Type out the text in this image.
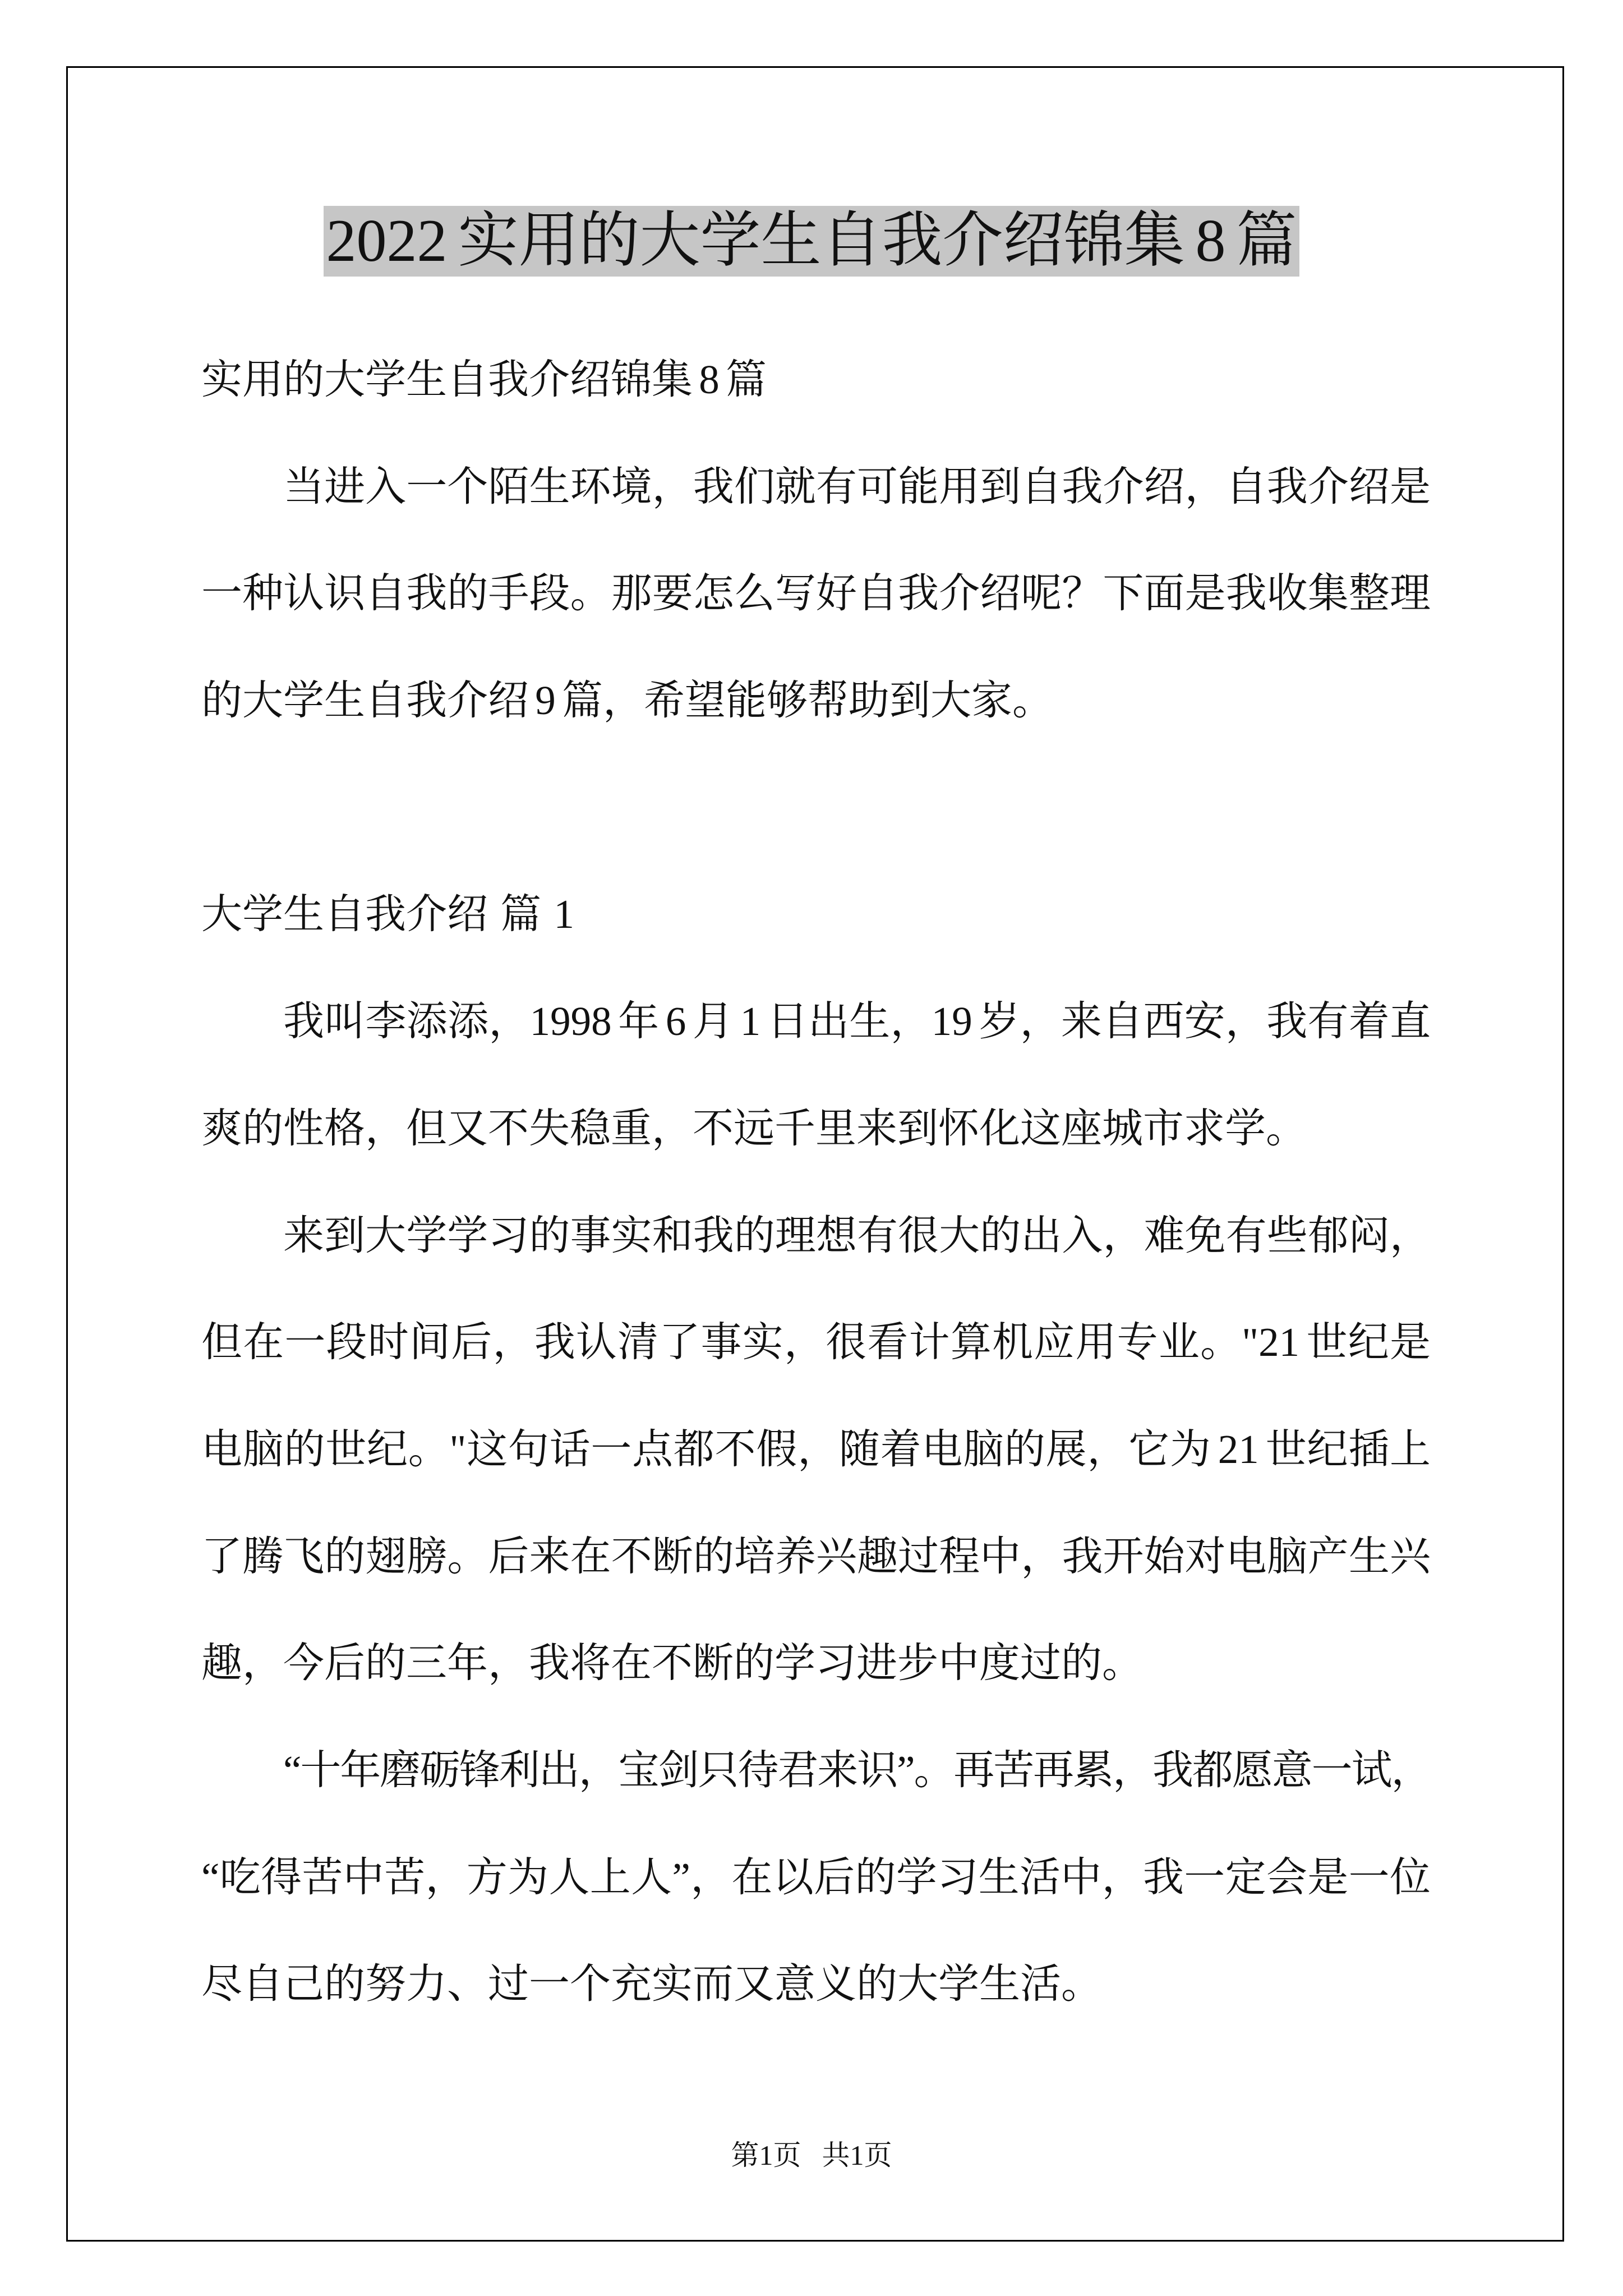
2022 实用的大学生自我介绍锦集 8 篇
实用的大学生自我介绍锦集 8 篇
当进入一个陌生环境，我们就有可能用到自我介绍，自我介绍是
一种认识自我的手段。那要怎么写好自我介绍呢？下面是我收集整理
的大学生自我介绍 9 篇，希望能够帮助到大家。
大学生自我介绍 篇 1
我叫李添添，1998 年 6 月 1 日出生，19 岁，来自西安，我有着直
爽的性格，但又不失稳重，不远千里来到怀化这座城市求学。
来到大学学习的事实和我的理想有很大的出入，难免有些郁闷，
但在一段时间后，我认清了事实，很看计算机应用专业。"21 世纪是
电脑的世纪。"这句话一点都不假，随着电脑的展，它为 21 世纪插上
了腾飞的翅膀。后来在不断的培养兴趣过程中，我开始对电脑产生兴
趣，今后的三年，我将在不断的学习进步中度过的。
“十年磨砺锋利出，宝剑只待君来识”。再苦再累，我都愿意一试，
“吃得苦中苦，方为人上人”，在以后的学习生活中，我一定会是一位
尽自己的努力、过一个充实而又意义的大学生活。
第1页  共1页
